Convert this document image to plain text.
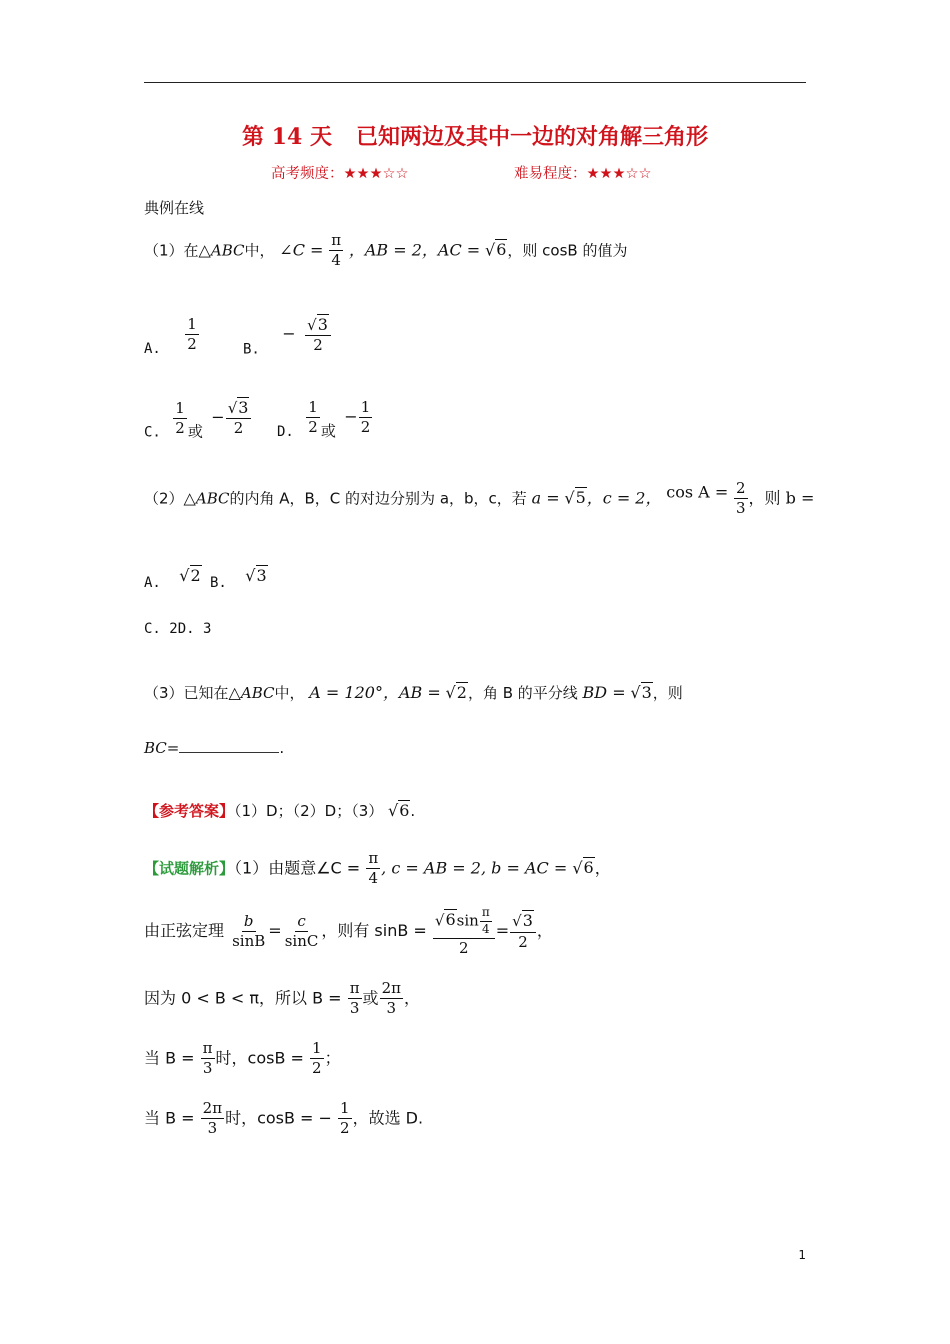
第 14 天 已知两边及其中一边的对角解三角形
高考频度：★★★☆☆	难易程度：★★★☆☆
典例在线
（1）在△ABC中， ∠C = $\frac{\pi}{4}$ ，AB = 2，AC = √6，则 cosB 的值为
A. $\frac{1}{2}$	B. − $\frac{√3}{2}$
C. $\frac{1}{2}$ 或 − $\frac{√3}{2} D$. $\frac{1}{2}$ 或 − $\frac{1}{2}$
（2）△ABC的内角 A，B，C 的对边分别为 a，b，c，若 a = √5，c = 2， $\cos A = \frac{2}{3}$ ，则 b =
A. √2 B. √3
C. 2D. 3
（3）已知在△ABC中， A = 120°，AB = √2，角 B 的平分线 BD = √3，则
BC=	.
【参考答案】（1）D；（2）D；（3） √6.
【试题解析】（1）由题意∠C = $\frac{\pi}{4}$ , c = AB = 2, b = AC = √6，
由正弦定理 $\frac{b}{\sin B} = \frac{c}{\sin C}$ ，则有 $\sin B = \frac{√6\sin \frac{\pi}{4}}{2} = \frac{√3}{2}$ ，
因为 0 < B < π，所以 $B = \frac{\pi}{3}$ 或 $\frac{2\pi}{3}$ ，
当 $B = \frac{\pi}{3}$ 时，$\cos B = \frac{1}{2}$ ；
当 $B = \frac{2\pi}{3}$ 时，cosB = − $\frac{1}{2}$ ，故选 D.
1
